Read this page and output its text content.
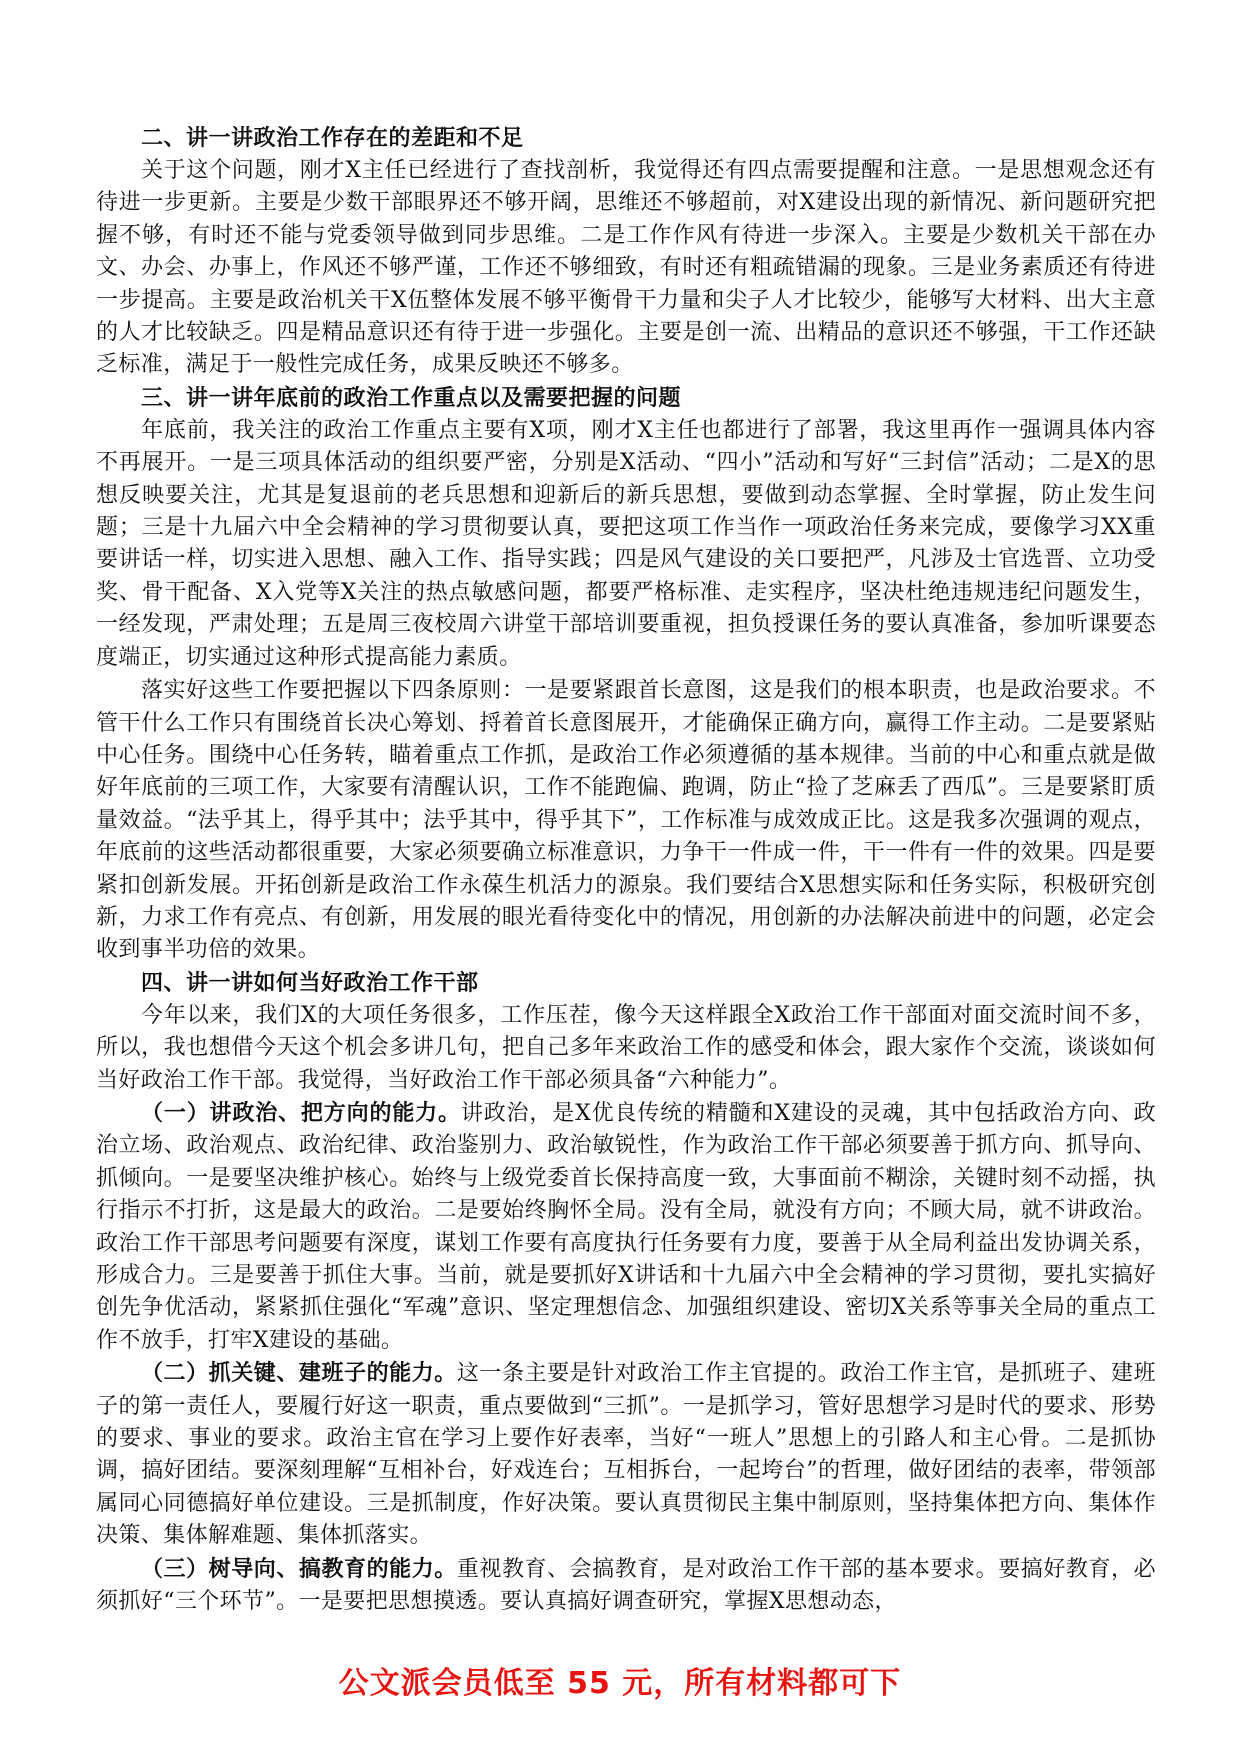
二、讲一讲政治工作存在的差距和不足

关于这个问题，刚才X主任已经进行了查找剖析，我觉得还有四点需要提醒和注意。一是思想观念还有待进一步更新。主要是少数干部眼界还不够开阔，思维还不够超前，对X建设出现的新情况、新问题研究把握不够，有时还不能与党委领导做到同步思维。二是工作作风有待进一步深入。主要是少数机关干部在办文、办会、办事上，作风还不够严谨，工作还不够细致，有时还有粗疏错漏的现象。三是业务素质还有待进一步提高。主要是政治机关干X伍整体发展不够平衡骨干力量和尖子人才比较少，能够写大材料、出大主意的人才比较缺乏。四是精品意识还有待于进一步强化。主要是创一流、出精品的意识还不够强，干工作还缺乏标准，满足于一般性完成任务，成果反映还不够多。

三、讲一讲年底前的政治工作重点以及需要把握的问题

年底前，我关注的政治工作重点主要有X项，刚才X主任也都进行了部署，我这里再作一强调具体内容不再展开。一是三项具体活动的组织要严密，分别是X活动、“四小”活动和写好“三封信”活动；二是X的思想反映要关注，尤其是复退前的老兵思想和迎新后的新兵思想，要做到动态掌握、全时掌握，防止发生问题；三是十九届六中全会精神的学习贯彻要认真，要把这项工作当作一项政治任务来完成，要像学习XX重要讲话一样，切实进入思想、融入工作、指导实践；四是风气建设的关口要把严，凡涉及士官选晋、立功受奖、骨干配备、X入党等X关注的热点敏感问题，都要严格标准、走实程序，坚决杜绝违规违纪问题发生，一经发现，严肃处理；五是周三夜校周六讲堂干部培训要重视，担负授课任务的要认真准备，参加听课要态度端正，切实通过这种形式提高能力素质。

落实好这些工作要把握以下四条原则：一是要紧跟首长意图，这是我们的根本职责，也是政治要求。不管干什么工作只有围绕首长决心筹划、捋着首长意图展开，才能确保正确方向，赢得工作主动。二是要紧贴中心任务。围绕中心任务转，瞄着重点工作抓，是政治工作必须遵循的基本规律。当前的中心和重点就是做好年底前的三项工作，大家要有清醒认识，工作不能跑偏、跑调，防止“捡了芝麻丢了西瓜”。三是要紧盯质量效益。“法乎其上，得乎其中；法乎其中，得乎其下”，工作标准与成效成正比。这是我多次强调的观点，年底前的这些活动都很重要，大家必须要确立标准意识，力争干一件成一件，干一件有一件的效果。四是要紧扣创新发展。开拓创新是政治工作永葆生机活力的源泉。我们要结合X思想实际和任务实际，积极研究创新，力求工作有亮点、有创新，用发展的眼光看待变化中的情况，用创新的办法解决前进中的问题，必定会收到事半功倍的效果。

四、讲一讲如何当好政治工作干部

今年以来，我们X的大项任务很多，工作压茬，像今天这样跟全X政治工作干部面对面交流时间不多，所以，我也想借今天这个机会多讲几句，把自己多年来政治工作的感受和体会，跟大家作个交流，谈谈如何当好政治工作干部。我觉得，当好政治工作干部必须具备“六种能力”。

（一）讲政治、把方向的能力。讲政治，是X优良传统的精髓和X建设的灵魂，其中包括政治方向、政治立场、政治观点、政治纪律、政治鉴别力、政治敏锐性，作为政治工作干部必须要善于抓方向、抓导向、抓倾向。一是要坚决维护核心。始终与上级党委首长保持高度一致，大事面前不糊涂，关键时刻不动摇，执行指示不打折，这是最大的政治。二是要始终胸怀全局。没有全局，就没有方向；不顾大局，就不讲政治。政治工作干部思考问题要有深度，谋划工作要有高度执行任务要有力度，要善于从全局利益出发协调关系，形成合力。三是要善于抓住大事。当前，就是要抓好X讲话和十九届六中全会精神的学习贯彻，要扎实搞好创先争优活动，紧紧抓住强化“军魂”意识、坚定理想信念、加强组织建设、密切X关系等事关全局的重点工作不放手，打牢X建设的基础。

（二）抓关键、建班子的能力。这一条主要是针对政治工作主官提的。政治工作主官，是抓班子、建班子的第一责任人，要履行好这一职责，重点要做到“三抓”。一是抓学习，管好思想学习是时代的要求、形势的要求、事业的要求。政治主官在学习上要作好表率，当好“一班人”思想上的引路人和主心骨。二是抓协调，搞好团结。要深刻理解“互相补台，好戏连台；互相拆台，一起垮台”的哲理，做好团结的表率，带领部属同心同德搞好单位建设。三是抓制度，作好决策。要认真贯彻民主集中制原则，坚持集体把方向、集体作决策、集体解难题、集体抓落实。

（三）树导向、搞教育的能力。重视教育、会搞教育，是对政治工作干部的基本要求。要搞好教育，必须抓好“三个环节”。一是要把思想摸透。要认真搞好调查研究，掌握X思想动态，

公文派会员低至 55 元，所有材料都可下
